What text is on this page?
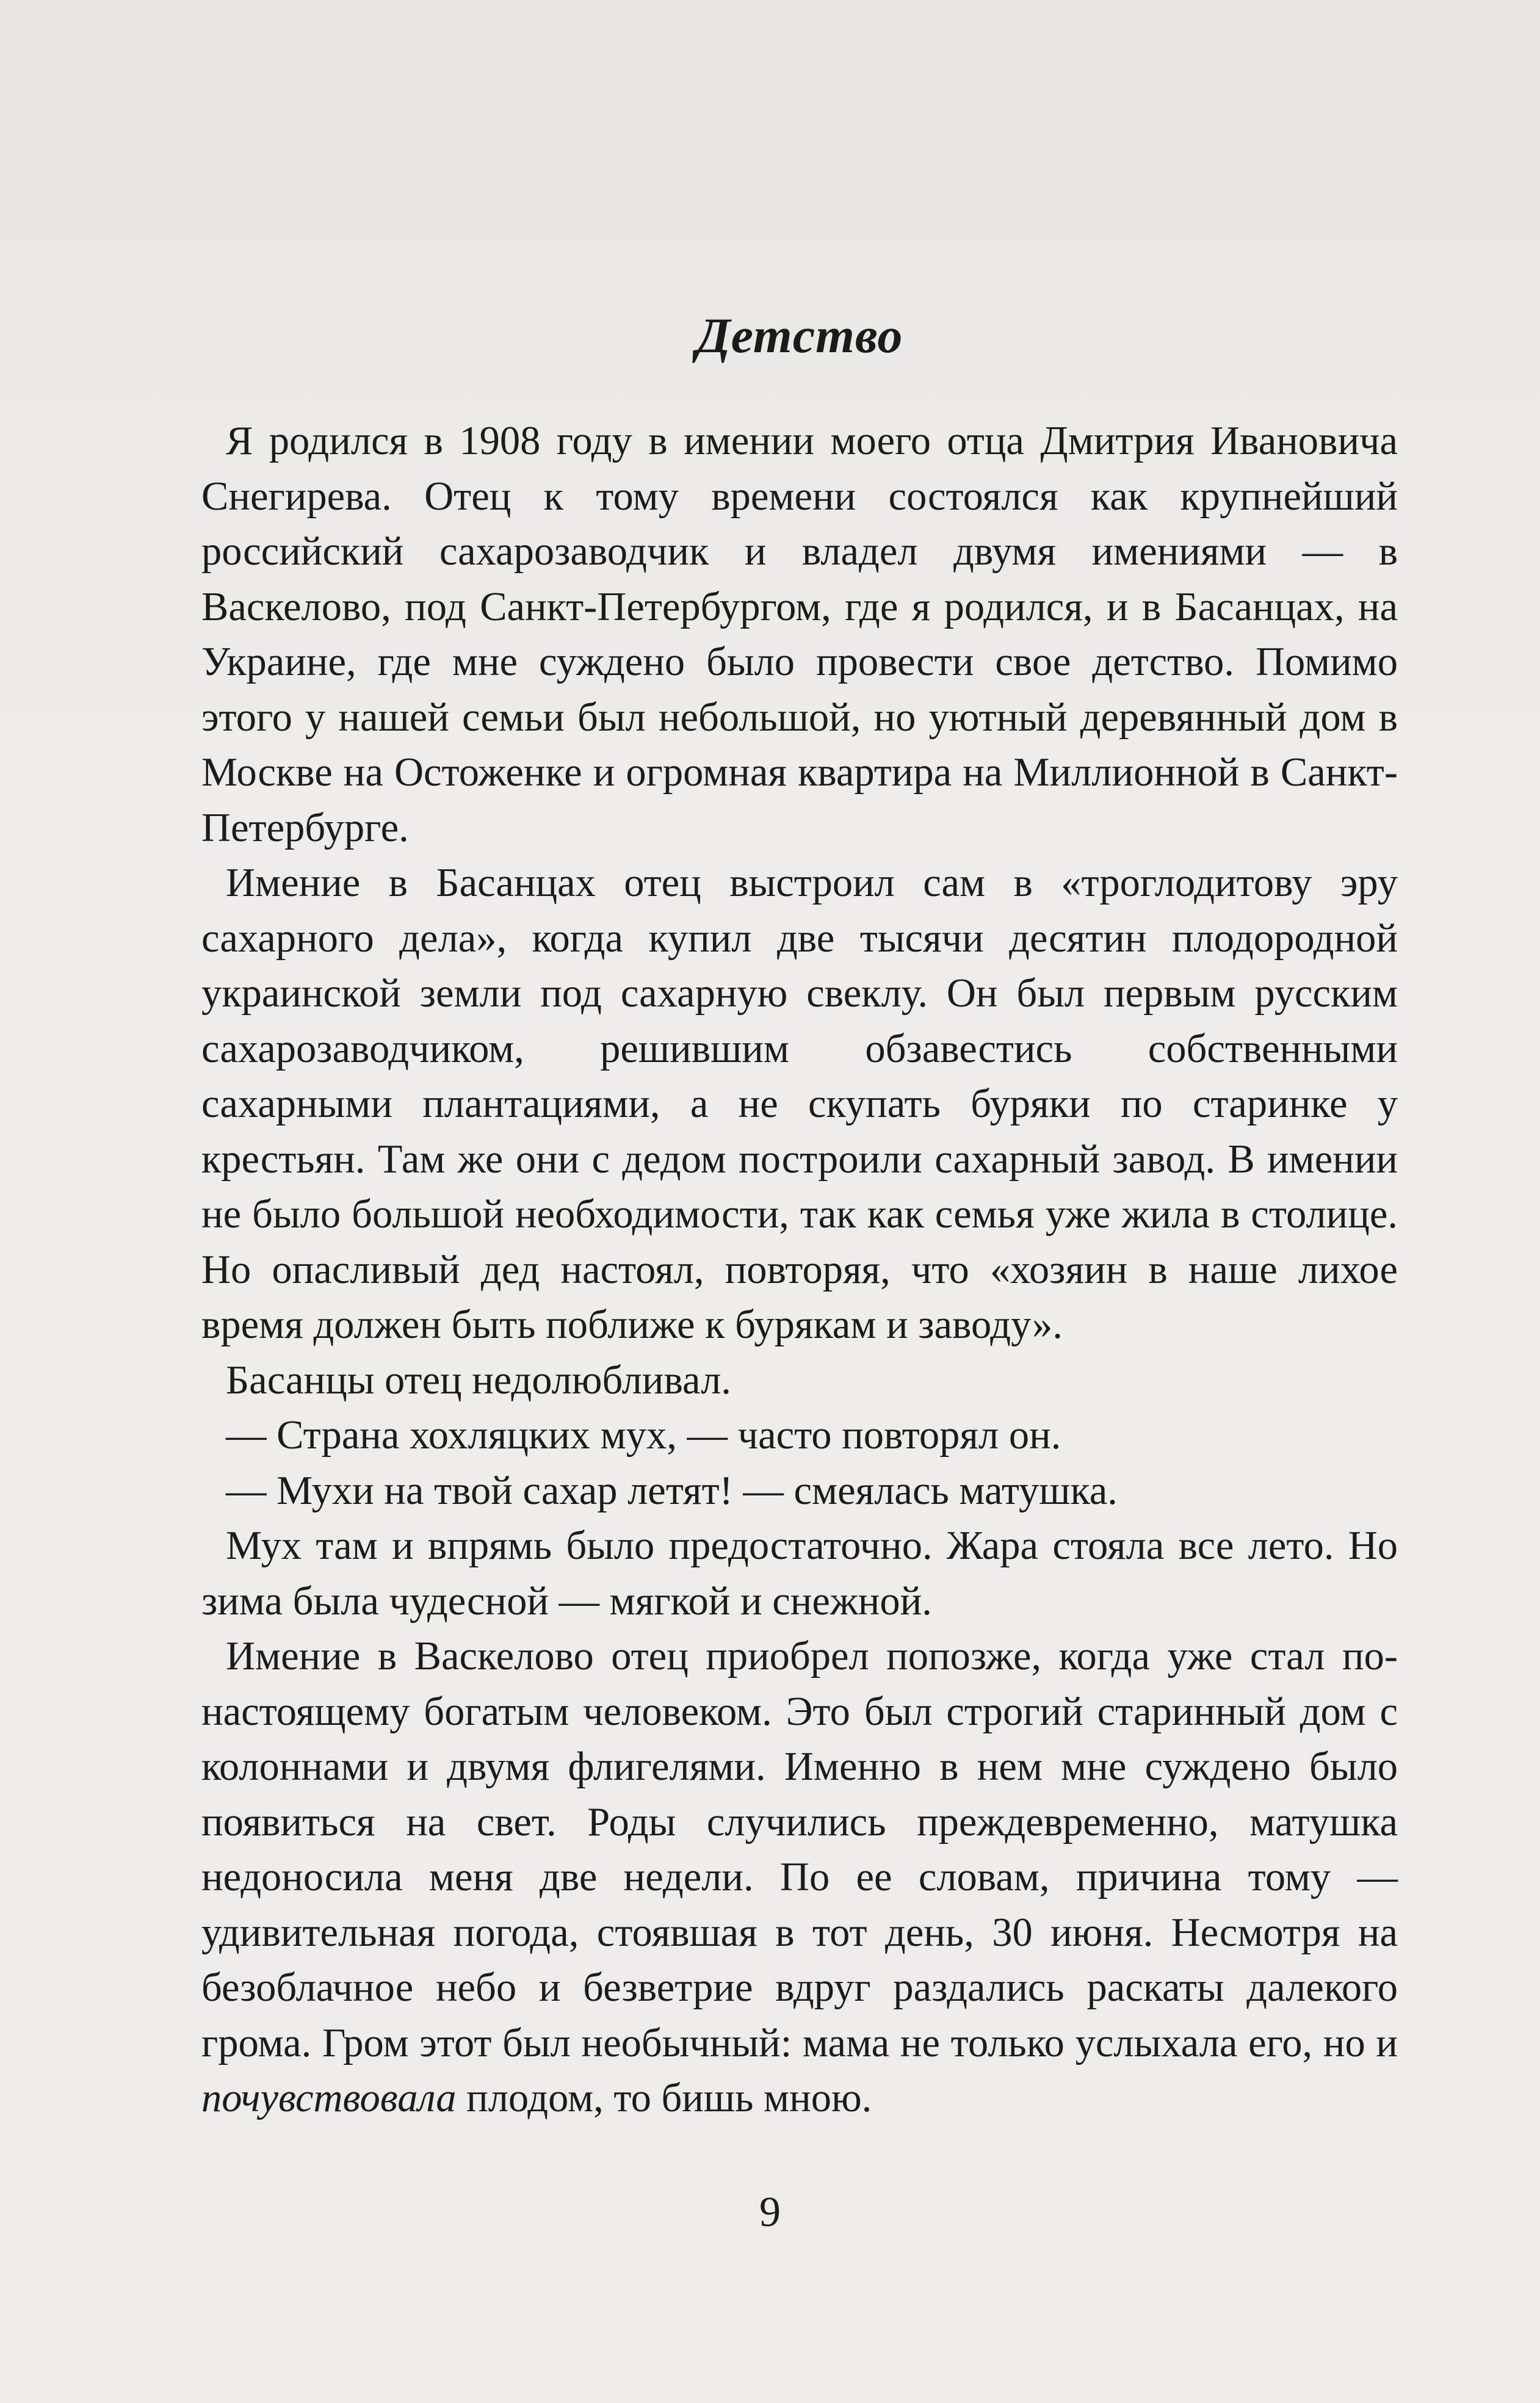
Детство

Я родился в 1908 году в имении моего отца Дмитрия Ивановича Снегирева. Отец к тому времени состоялся как крупнейший российский сахарозаводчик и владел двумя имениями — в Васкелово, под Санкт-Петербургом, где я родился, и в Басанцах, на Украине, где мне суждено было провести свое детство. Помимо этого у нашей семьи был небольшой, но уютный деревянный дом в Москве на Остоженке и огромная квартира на Миллионной в Санкт-Петербурге.

Имение в Басанцах отец выстроил сам в «троглодитову эру сахарного дела», когда купил две тысячи десятин плодородной украинской земли под сахарную свеклу. Он был первым русским сахарозаводчиком, решившим обзавестись собственными сахарными плантациями, а не скупать буряки по старинке у крестьян. Там же они с дедом построили сахарный завод. В имении не было большой необходимости, так как семья уже жила в столице. Но опасливый дед настоял, повторяя, что «хозяин в наше лихое время должен быть поближе к бурякам и заводу».

Басанцы отец недолюбливал.

— Страна хохляцких мух, — часто повторял он.

— Мухи на твой сахар летят! — смеялась матушка.

Мух там и впрямь было предостаточно. Жара стояла все лето. Но зима была чудесной — мягкой и снежной.

Имение в Васкелово отец приобрел попозже, когда уже стал по-настоящему богатым человеком. Это был строгий старинный дом с колоннами и двумя флигелями. Именно в нем мне суждено было появиться на свет. Роды случились преждевременно, матушка недоносила меня две недели. По ее словам, причина тому — удивительная погода, стоявшая в тот день, 30 июня. Несмотря на безоблачное небо и безветрие вдруг раздались раскаты далекого грома. Гром этот был необычный: мама не только услыхала его, но и почувствовала плодом, то бишь мною.

9
